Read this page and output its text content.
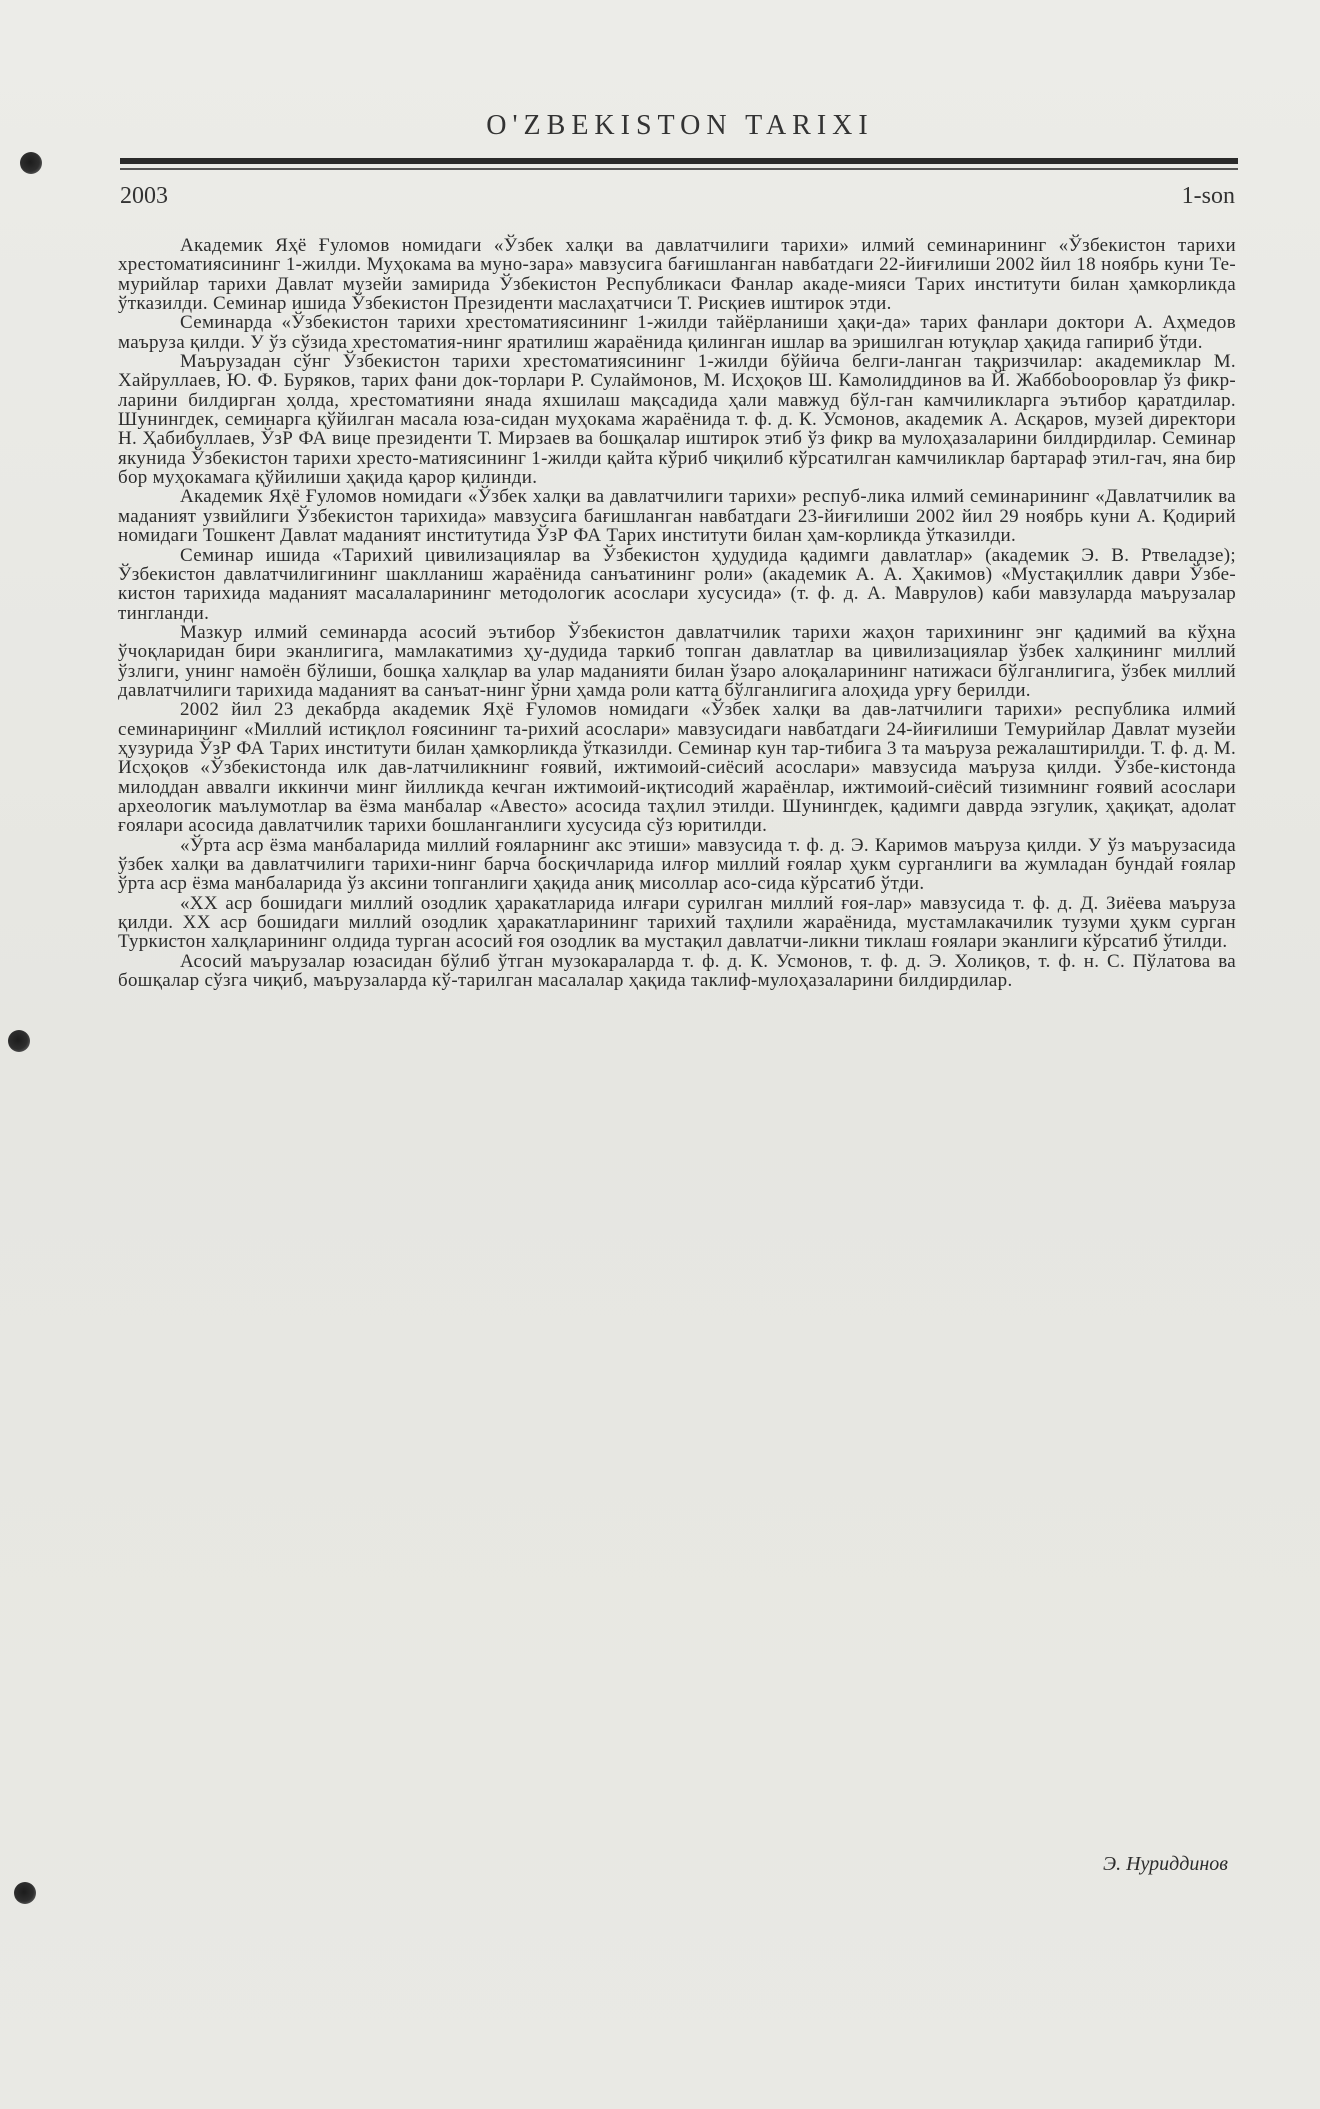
O'ZBEKISTON TARIXI
2003	1-son

Академик Яҳё Ғуломов номидаги «Ўзбек халқи ва давлатчилиги тарихи» илмий семинарининг «Ўзбекистон тарихи хрестоматиясининг 1-жилди. Муҳокама ва муно-зара» мавзусига бағишланган навбатдаги 22-йиғилиши 2002 йил 18 ноябрь куни Те-мурийлар тарихи Давлат музейи замирида Ўзбекистон Республикаси Фанлар акаде-мияси Тарих институти билан ҳамкорликда ўтказилди. Семинар ишида Ўзбекистон Президенти маслаҳатчиси Т. Рисқиев иштирок этди.

Семинарда «Ўзбекистон тарихи хрестоматиясининг 1-жилди тайёрланиши ҳақи-да» тарих фанлари доктори А. Аҳмедов маъруза қилди. У ўз сўзида хрестоматия-нинг яратилиш жараёнида қилинган ишлар ва эришилган ютуқлар ҳақида гапириб ўтди.

Маърузадан сўнг Ўзбекистон тарихи хрестоматиясининг 1-жилди бўйича белги-ланган тақризчилар: академиклар М. Хайруллаев, Ю. Ф. Буряков, тарих фани док-торлари Р. Сулаймонов, М. Исҳоқов Ш. Камолиддинов ва Й. Жаббоbooровлар ўз фикр-ларини билдирган ҳолда, хрестоматияни янада яхшилаш мақсадида ҳали мавжуд бўл-ган камчиликларга эътибор қаратдилар. Шунингдек, семинарга қўйилган масала юза-сидан муҳокама жараёнида т. ф. д. К. Усмонов, академик А. Асқаров, музей директори Н. Ҳабибуллаев, ЎзР ФА вице президенти Т. Мирзаев ва бошқалар иштирок этиб ўз фикр ва мулоҳазаларини билдирдилар. Семинар якунида Ўзбекистон тарихи хресто-матиясининг 1-жилди қайта кўриб чиқилиб кўрсатилган камчиликлар бартараф этил-гач, яна бир бор муҳокамага қўйилиши ҳақида қарор қилинди.

Академик Яҳё Ғуломов номидаги «Ўзбек халқи ва давлатчилиги тарихи» респуб-лика илмий семинарининг «Давлатчилик ва маданият узвийлиги Ўзбекистон тарихида» мавзусига бағишланган навбатдаги 23-йиғилиши 2002 йил 29 ноябрь куни А. Қодирий номидаги Тошкент Давлат маданият институтида ЎзР ФА Тарих институти билан ҳам-корликда ўтказилди.

Семинар ишида «Тарихий цивилизациялар ва Ўзбекистон ҳудудида қадимги давлатлар» (академик Э. В. Ртвеладзе); Ўзбекистон давлатчилигининг шаклланиш жараёнида санъатининг роли» (академик А. А. Ҳакимов) «Мустақиллик даври Ўзбе-кистон тарихида маданият масалаларининг методологик асослари хусусида» (т. ф. д. А. Маврулов) каби мавзуларда маърузалар тингланди.

Мазкур илмий семинарда асосий эътибор Ўзбекистон давлатчилик тарихи жаҳон тарихининг энг қадимий ва кўҳна ўчоқларидан бири эканлигига, мамлакатимиз ҳу-дудида таркиб топган давлатлар ва цивилизациялар ўзбек халқининг миллий ўзлиги, унинг намоён бўлиши, бошқа халқлар ва улар маданияти билан ўзаро алоқаларининг натижаси бўлганлигига, ўзбек миллий давлатчилиги тарихида маданият ва санъат-нинг ўрни ҳамда роли катта бўлганлигига алоҳида урғу берилди.

2002 йил 23 декабрда академик Яҳё Ғуломов номидаги «Ўзбек халқи ва дав-латчилиги тарихи» республика илмий семинарининг «Миллий истиқлол ғоясининг та-рихий асослари» мавзусидаги навбатдаги 24-йиғилиши Темурийлар Давлат музейи ҳузурида ЎзР ФА Тарих институти билан ҳамкорликда ўтказилди. Семинар кун тар-тибига 3 та маъруза режалаштирилди. Т. ф. д. М. Исҳоқов «Ўзбекистонда илк дав-латчиликнинг ғоявий, ижтимоий-сиёсий асослари» мавзусида маъруза қилди. Ўзбе-кистонда милоддан аввалги иккинчи минг йилликда кечган ижтимоий-иқтисодий жараёнлар, ижтимоий-сиёсий тизимнинг ғоявий асослари археологик маълумотлар ва ёзма манбалар «Авесто» асосида таҳлил этилди. Шунингдек, қадимги даврда эзгулик, ҳақиқат, адолат ғоялари асосида давлатчилик тарихи бошланганлиги хусусида сўз юритилди.

«Ўрта аср ёзма манбаларида миллий ғояларнинг акс этиши» мавзусида т. ф. д. Э. Каримов маъруза қилди. У ўз маърузасида ўзбек халқи ва давлатчилиги тарихи-нинг барча босқичларида илғор миллий ғоялар ҳукм сурганлиги ва жумладан бундай ғоялар ўрта аср ёзма манбаларида ўз аксини топганлиги ҳақида аниқ мисоллар асо-сида кўрсатиб ўтди.

«XX аср бошидаги миллий озодлик ҳаракатларида илғари сурилган миллий ғоя-лар» мавзусида т. ф. д. Д. Зиёева маъруза қилди. XX аср бошидаги миллий озодлик ҳаракатларининг тарихий таҳлили жараёнида, мустамлакачилик тузуми ҳукм сурган Туркистон халқларининг олдида турган асосий ғоя озодлик ва мустақил давлатчи-ликни тиклаш ғоялари эканлиги кўрсатиб ўтилди.

Асосий маърузалар юзасидан бўлиб ўтган музокараларда т. ф. д. К. Усмонов, т. ф. д. Э. Холиқов, т. ф. н. С. Пўлатова ва бошқалар сўзга чиқиб, маърузаларда кў-тарилган масалалар ҳақида таклиф-мулоҳазаларини билдирдилар.

Э. Нуриддинов
